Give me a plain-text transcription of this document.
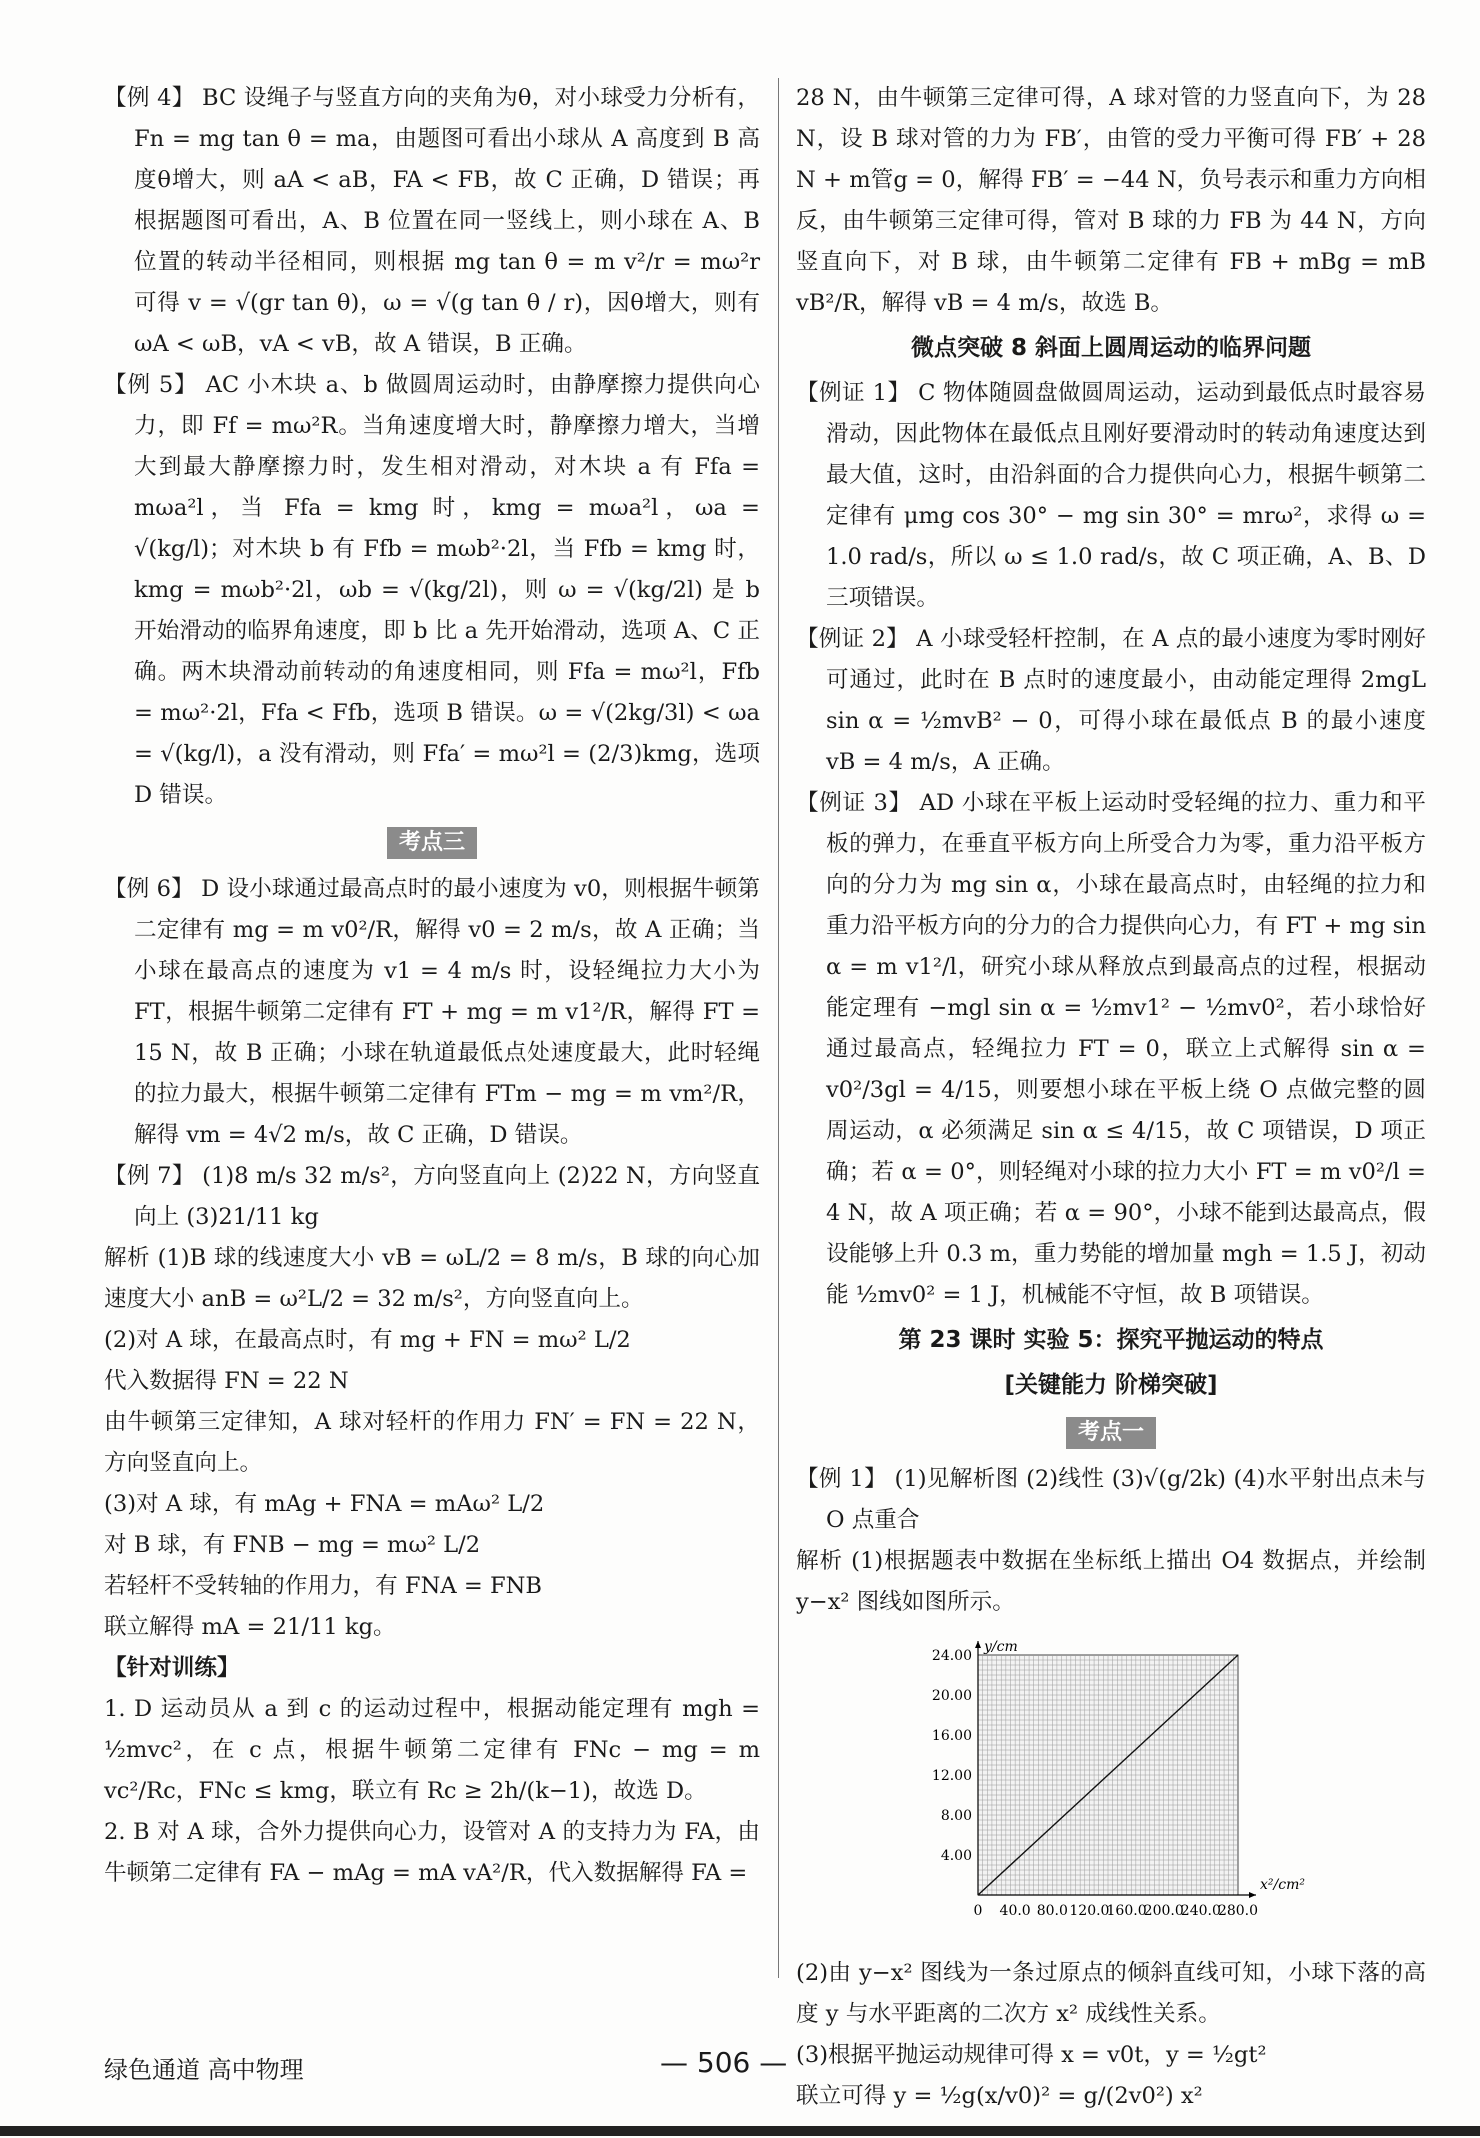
【例 4】 BC 设绳子与竖直方向的夹角为θ，对小球受力分析有，Fn = mg tan θ = ma，由题图可看出小球从 A 高度到 B 高度θ增大，则 aA < aB，FA < FB，故 C 正确，D 错误；再根据题图可看出，A、B 位置在同一竖线上，则小球在 A、B 位置的转动半径相同，则根据 mg tan θ = m v²/r = mω²r 可得 v = √(gr tan θ)，ω = √(g tan θ / r)，因θ增大，则有 ωA < ωB，vA < vB，故 A 错误，B 正确。

【例 5】 AC 小木块 a、b 做圆周运动时，由静摩擦力提供向心力，即 Ff = mω²R。当角速度增大时，静摩擦力增大，当增大到最大静摩擦力时，发生相对滑动，对木块 a 有 Ffa = mωa²l，当 Ffa = kmg 时，kmg = mωa²l，ωa = √(kg/l)；对木块 b 有 Ffb = mωb²·2l，当 Ffb = kmg 时，kmg = mωb²·2l，ωb = √(kg/2l)，则 ω = √(kg/2l) 是 b 开始滑动的临界角速度，即 b 比 a 先开始滑动，选项 A、C 正确。两木块滑动前转动的角速度相同，则 Ffa = mω²l，Ffb = mω²·2l，Ffa < Ffb，选项 B 错误。ω = √(2kg/3l) < ωa = √(kg/l)，a 没有滑动，则 Ffa′ = mω²l = (2/3)kmg，选项 D 错误。

考点三

【例 6】 D 设小球通过最高点时的最小速度为 v0，则根据牛顿第二定律有 mg = m v0²/R，解得 v0 = 2 m/s，故 A 正确；当小球在最高点的速度为 v1 = 4 m/s 时，设轻绳拉力大小为 FT，根据牛顿第二定律有 FT + mg = m v1²/R，解得 FT = 15 N，故 B 正确；小球在轨道最低点处速度最大，此时轻绳的拉力最大，根据牛顿第二定律有 FTm − mg = m vm²/R，解得 vm = 4√2 m/s，故 C 正确，D 错误。

【例 7】 (1)8 m/s 32 m/s²，方向竖直向上 (2)22 N，方向竖直向上 (3)21/11 kg

解析 (1)B 球的线速度大小 vB = ωL/2 = 8 m/s，B 球的向心加速度大小 anB = ω²L/2 = 32 m/s²，方向竖直向上。

(2)对 A 球，在最高点时，有 mg + FN = mω² L/2

代入数据得 FN = 22 N

由牛顿第三定律知，A 球对轻杆的作用力 FN′ = FN = 22 N，方向竖直向上。

(3)对 A 球，有 mAg + FNA = mAω² L/2

对 B 球，有 FNB − mg = mω² L/2

若轻杆不受转轴的作用力，有 FNA = FNB

联立解得 mA = 21/11 kg。

【针对训练】

1. D 运动员从 a 到 c 的运动过程中，根据动能定理有 mgh = ½mvc²，在 c 点，根据牛顿第二定律有 FNc − mg = m vc²/Rc，FNc ≤ kmg，联立有 Rc ≥ 2h/(k−1)，故选 D。

2. B 对 A 球，合外力提供向心力，设管对 A 的支持力为 FA，由牛顿第二定律有 FA − mAg = mA vA²/R，代入数据解得 FA =

28 N，由牛顿第三定律可得，A 球对管的力竖直向下，为 28 N，设 B 球对管的力为 FB′，由管的受力平衡可得 FB′ + 28 N + m管g = 0，解得 FB′ = −44 N，负号表示和重力方向相反，由牛顿第三定律可得，管对 B 球的力 FB 为 44 N，方向竖直向下，对 B 球，由牛顿第二定律有 FB + mBg = mB vB²/R，解得 vB = 4 m/s，故选 B。

微点突破 8 斜面上圆周运动的临界问题

【例证 1】 C 物体随圆盘做圆周运动，运动到最低点时最容易滑动，因此物体在最低点且刚好要滑动时的转动角速度达到最大值，这时，由沿斜面的合力提供向心力，根据牛顿第二定律有 μmg cos 30° − mg sin 30° = mrω²，求得 ω = 1.0 rad/s，所以 ω ≤ 1.0 rad/s，故 C 项正确，A、B、D 三项错误。

【例证 2】 A 小球受轻杆控制，在 A 点的最小速度为零时刚好可通过，此时在 B 点时的速度最小，由动能定理得 2mgL sin α = ½mvB² − 0，可得小球在最低点 B 的最小速度 vB = 4 m/s，A 正确。

【例证 3】 AD 小球在平板上运动时受轻绳的拉力、重力和平板的弹力，在垂直平板方向上所受合力为零，重力沿平板方向的分力为 mg sin α，小球在最高点时，由轻绳的拉力和重力沿平板方向的分力的合力提供向心力，有 FT + mg sin α = m v1²/l，研究小球从释放点到最高点的过程，根据动能定理有 −mgl sin α = ½mv1² − ½mv0²，若小球恰好通过最高点，轻绳拉力 FT = 0，联立上式解得 sin α = v0²/3gl = 4/15，则要想小球在平板上绕 O 点做完整的圆周运动，α 必须满足 sin α ≤ 4/15，故 C 项错误，D 项正确；若 α = 0°，则轻绳对小球的拉力大小 FT = m v0²/l = 4 N，故 A 项正确；若 α = 90°，小球不能到达最高点，假设能够上升 0.3 m，重力势能的增加量 mgh = 1.5 J，初动能 ½mv0² = 1 J，机械能不守恒，故 B 项错误。

第 23 课时 实验 5：探究平抛运动的特点
[关键能力 阶梯突破]
考点一

【例 1】 (1)见解析图 (2)线性 (3)√(g/2k) (4)水平射出点未与 O 点重合

解析 (1)根据题表中数据在坐标纸上描出 O4 数据点，并绘制 y−x² 图线如图所示。

0 40.0 80.0 120.0
160.0
200.0
240.0
280.0
4.00
8.00
12.00
16.00
20.00
24.00
x²/cm²
y/cm

(2)由 y−x² 图线为一条过原点的倾斜直线可知，小球下落的高度 y 与水平距离的二次方 x² 成线性关系。

(3)根据平抛运动规律可得 x = v0t，y = ½gt²

联立可得 y = ½g(x/v0)² = g/(2v0²) x²

绿色通道 高中物理	— 506 —
